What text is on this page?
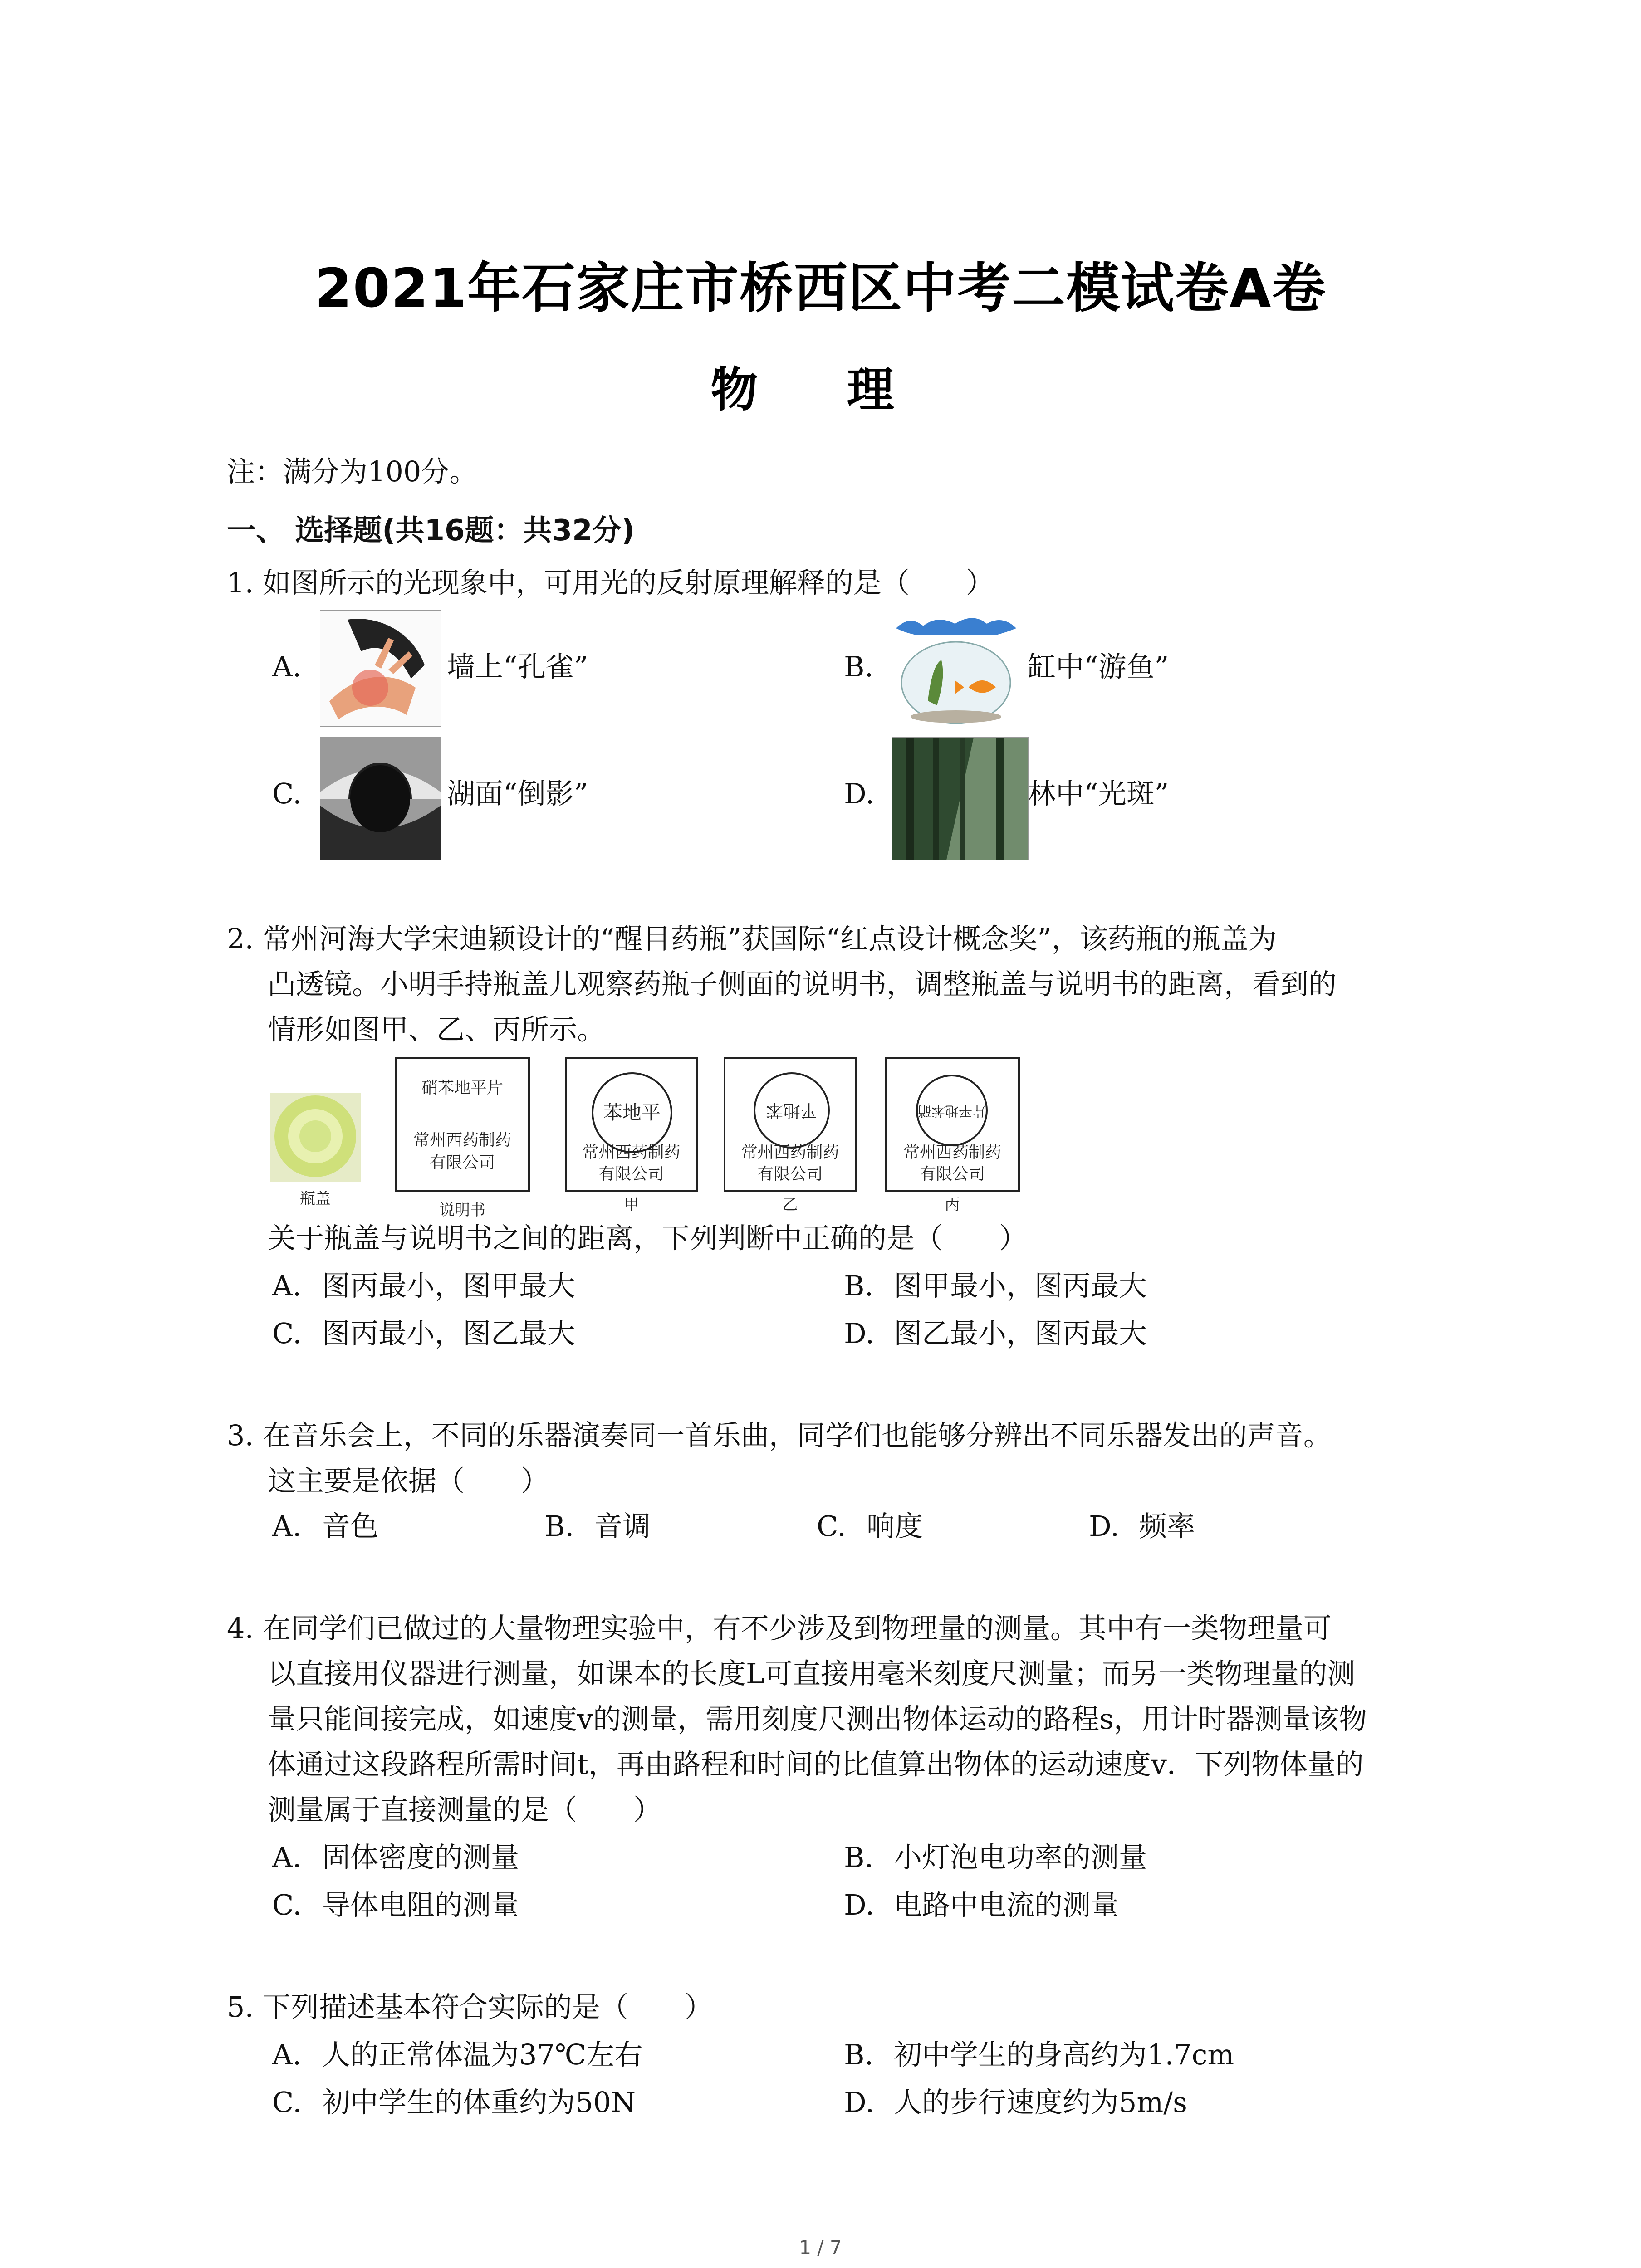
2021年石家庄市桥西区中考二模试卷A卷
物 理
注：满分为100分。
一、 选择题(共16题：共32分)
1. 如图所示的光现象中，可用光的反射原理解释的是（　　）
A.	墙上“孔雀”	B.	缸中“游鱼”
C.	湖面“倒影”	D.	林中“光斑”
2. 常州河海大学宋迪颖设计的“醒目药瓶”获国际“红点设计概念奖”，该药瓶的瓶盖为
凸透镜。小明手持瓶盖儿观察药瓶子侧面的说明书，调整瓶盖与说明书的距离，看到的
情形如图甲、乙、丙所示。
瓶盖
硝苯地平片
常州西药制药
有限公司
说明书
苯地平
常州西药制药
有限公司
甲
平地苯
常州西药制药
有限公司
乙
片平地苯硝
常州西药制药
有限公司
丙
关于瓶盖与说明书之间的距离，下列判断中正确的是（　　）
A. 图丙最小，图甲最大	B. 图甲最小，图丙最大
C. 图丙最小，图乙最大	D. 图乙最小，图丙最大
3. 在音乐会上，不同的乐器演奏同一首乐曲，同学们也能够分辨出不同乐器发出的声音。
这主要是依据（　　）
A. 音色	B. 音调	C. 响度	D. 频率
4. 在同学们已做过的大量物理实验中，有不少涉及到物理量的测量。其中有一类物理量可
以直接用仪器进行测量，如课本的长度L可直接用毫米刻度尺测量；而另一类物理量的测
量只能间接完成，如速度v的测量，需用刻度尺测出物体运动的路程s，用计时器测量该物
体通过这段路程所需时间t，再由路程和时间的比值算出物体的运动速度v．下列物体量的
测量属于直接测量的是（　　）
A. 固体密度的测量	B. 小灯泡电功率的测量
C. 导体电阻的测量	D. 电路中电流的测量
5. 下列描述基本符合实际的是（　　）
A. 人的正常体温为37℃左右	B. 初中学生的身高约为1.7cm
C. 初中学生的体重约为50N	D. 人的步行速度约为5m/s
1 / 7
